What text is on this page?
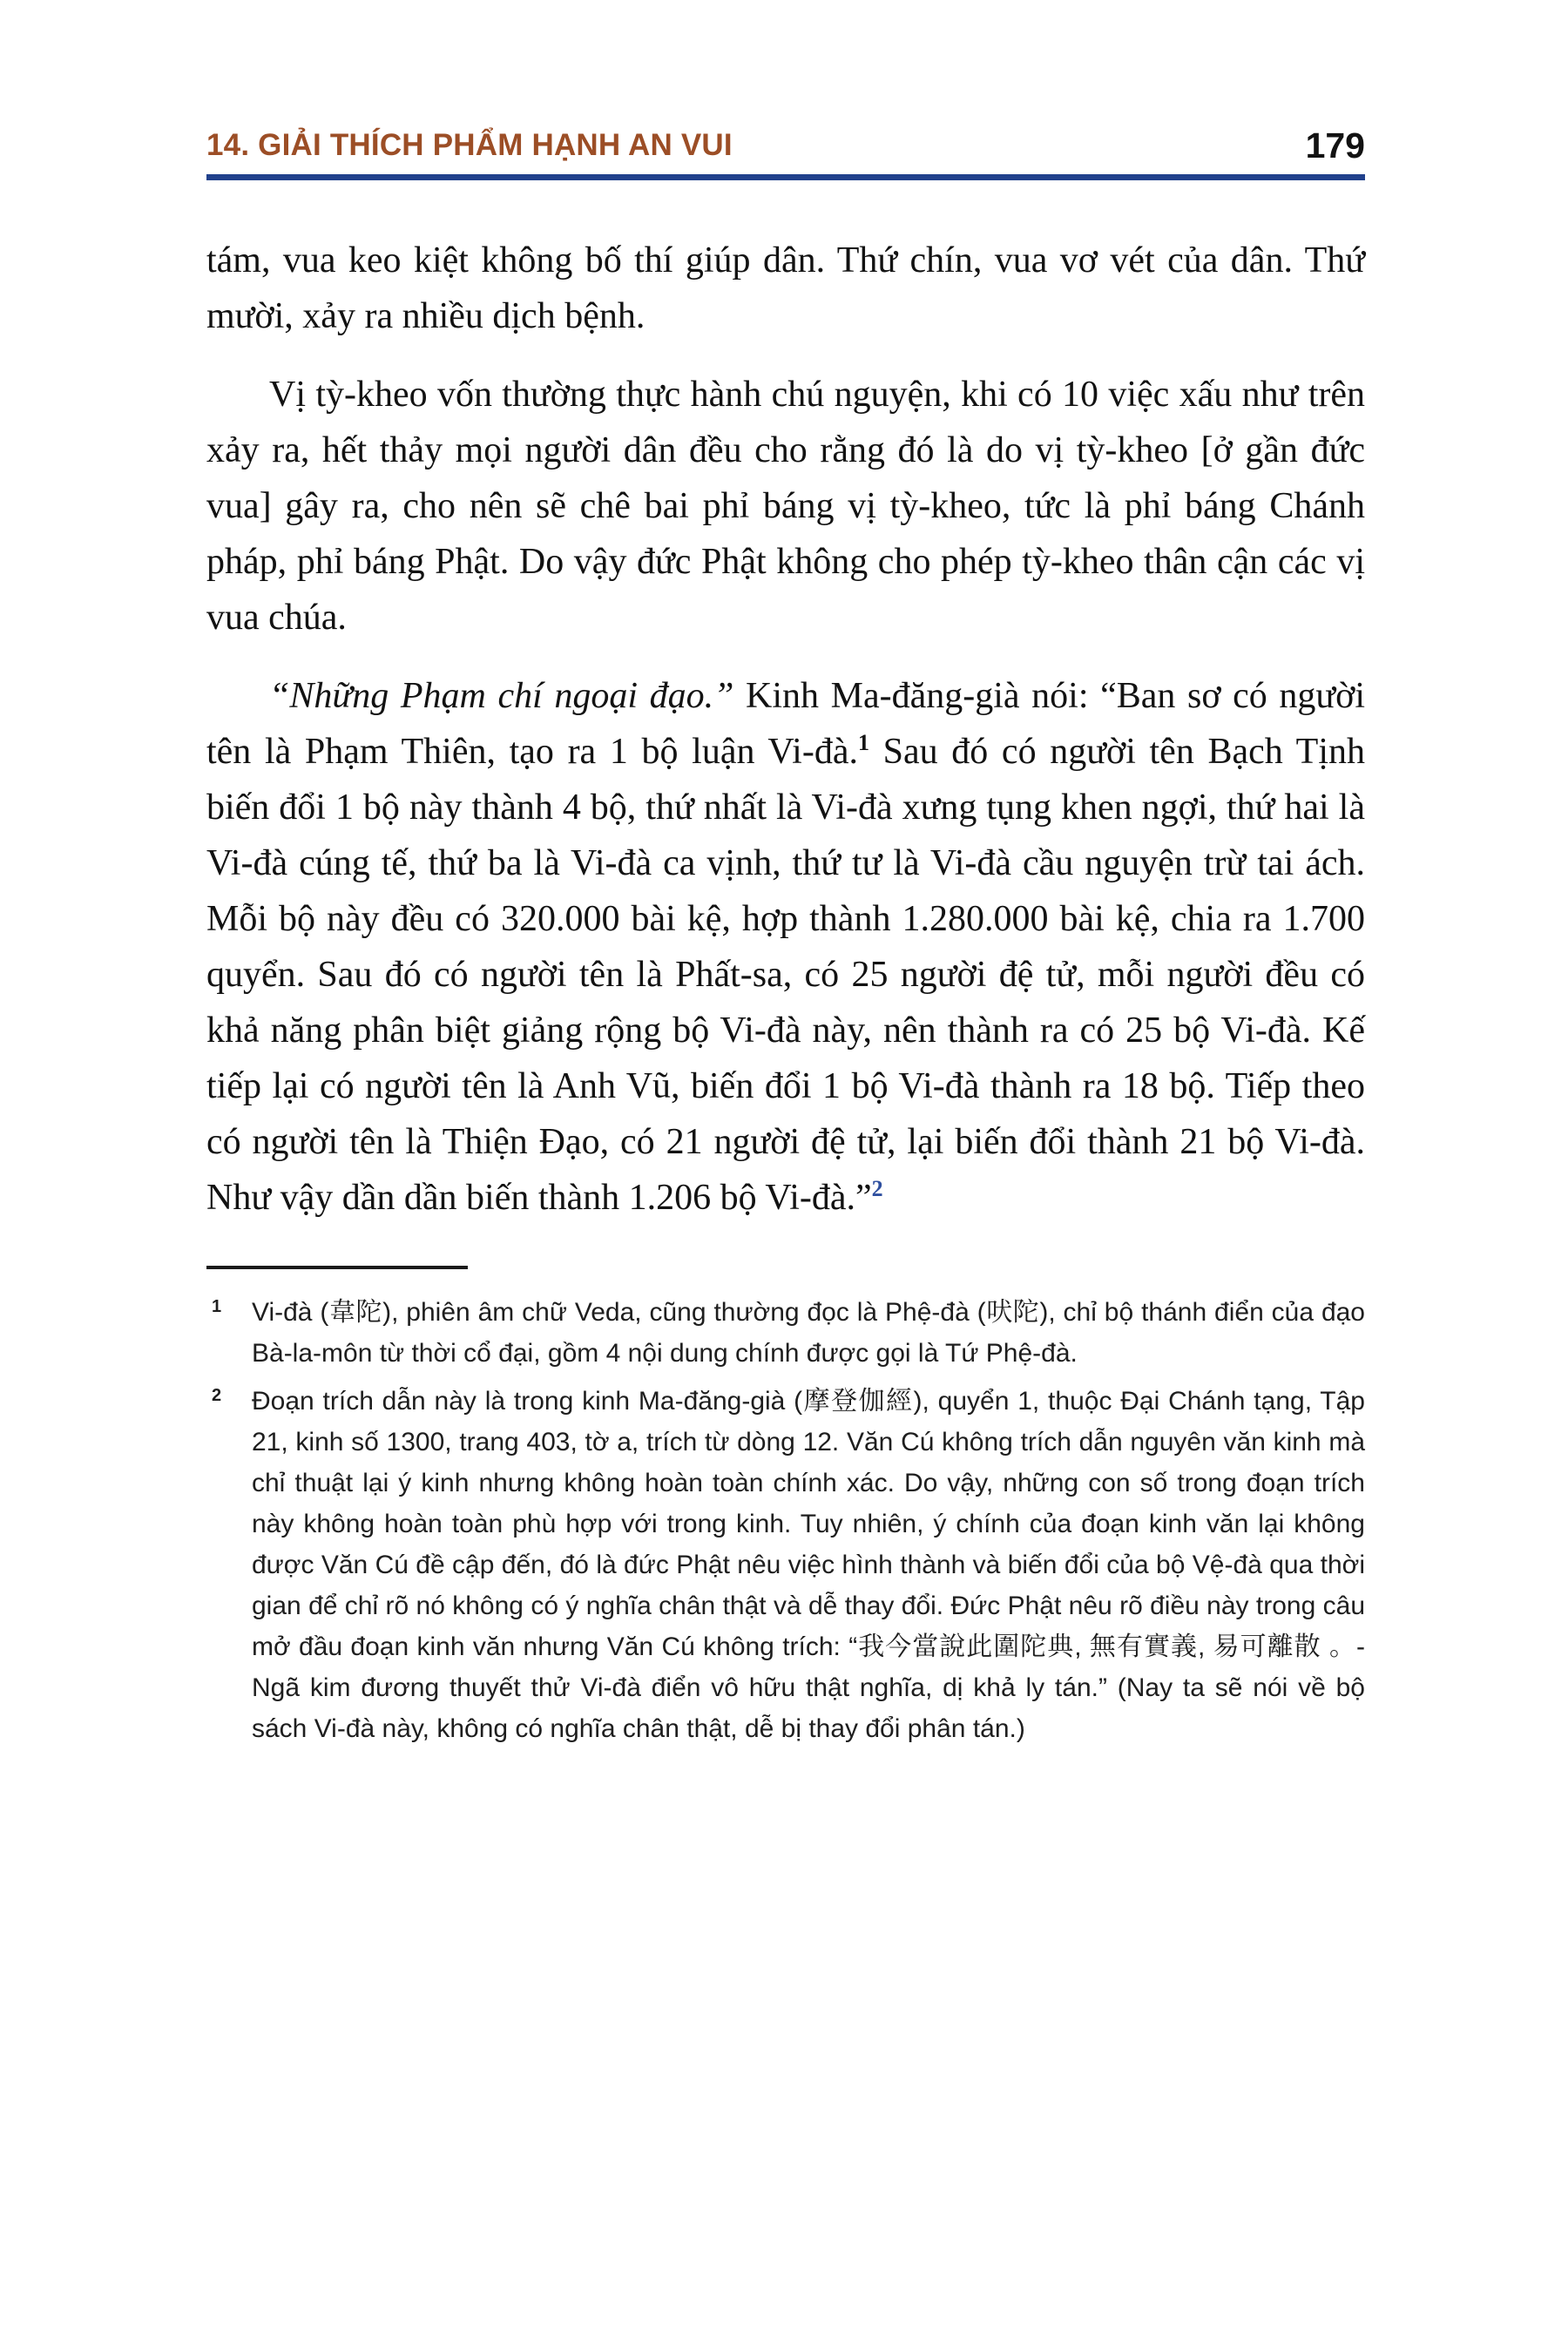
14. GIẢI THÍCH PHẨM HẠNH AN VUI	179

tám, vua keo kiệt không bố thí giúp dân. Thứ chín, vua vơ vét của dân. Thứ mười, xảy ra nhiều dịch bệnh.

Vị tỳ-kheo vốn thường thực hành chú nguyện, khi có 10 việc xấu như trên xảy ra, hết thảy mọi người dân đều cho rằng đó là do vị tỳ-kheo [ở gần đức vua] gây ra, cho nên sẽ chê bai phỉ báng vị tỳ-kheo, tức là phỉ báng Chánh pháp, phỉ báng Phật. Do vậy đức Phật không cho phép tỳ-kheo thân cận các vị vua chúa.

“Những Phạm chí ngoại đạo.” Kinh Ma-đăng-già nói: “Ban sơ có người tên là Phạm Thiên, tạo ra 1 bộ luận Vi-đà.$^1$ Sau đó có người tên Bạch Tịnh biến đổi 1 bộ này thành 4 bộ, thứ nhất là Vi-đà xưng tụng khen ngợi, thứ hai là Vi-đà cúng tế, thứ ba là Vi-đà ca vịnh, thứ tư là Vi-đà cầu nguyện trừ tai ách. Mỗi bộ này đều có 320.000 bài kệ, hợp thành 1.280.000 bài kệ, chia ra 1.700 quyển. Sau đó có người tên là Phất-sa, có 25 người đệ tử, mỗi người đều có khả năng phân biệt giảng rộng bộ Vi-đà này, nên thành ra có 25 bộ Vi-đà. Kế tiếp lại có người tên là Anh Vũ, biến đổi 1 bộ Vi-đà thành ra 18 bộ. Tiếp theo có người tên là Thiện Đạo, có 21 người đệ tử, lại biến đổi thành 21 bộ Vi-đà. Như vậy dần dần biến thành 1.206 bộ Vi-đà.”$^2$

1 Vi-đà (韋陀), phiên âm chữ Veda, cũng thường đọc là Phệ-đà (吠陀), chỉ bộ thánh điển của đạo Bà-la-môn từ thời cổ đại, gồm 4 nội dung chính được gọi là Tứ Phệ-đà.
2 Đoạn trích dẫn này là trong kinh Ma-đăng-già (摩登伽經), quyển 1, thuộc Đại Chánh tạng, Tập 21, kinh số 1300, trang 403, tờ a, trích từ dòng 12. Văn Cú không trích dẫn nguyên văn kinh mà chỉ thuật lại ý kinh nhưng không hoàn toàn chính xác. Do vậy, những con số trong đoạn trích này không hoàn toàn phù hợp với trong kinh. Tuy nhiên, ý chính của đoạn kinh văn lại không được Văn Cú đề cập đến, đó là đức Phật nêu việc hình thành và biến đổi của bộ Vệ-đà qua thời gian để chỉ rõ nó không có ý nghĩa chân thật và dễ thay đổi. Đức Phật nêu rõ điều này trong câu mở đầu đoạn kinh văn nhưng Văn Cú không trích: “我今當說此圍陀典, 無有實義, 易可離散 。- Ngã kim đương thuyết thử Vi-đà điển vô hữu thật nghĩa, dị khả ly tán.” (Nay ta sẽ nói về bộ sách Vi-đà này, không có nghĩa chân thật, dễ bị thay đổi phân tán.)
